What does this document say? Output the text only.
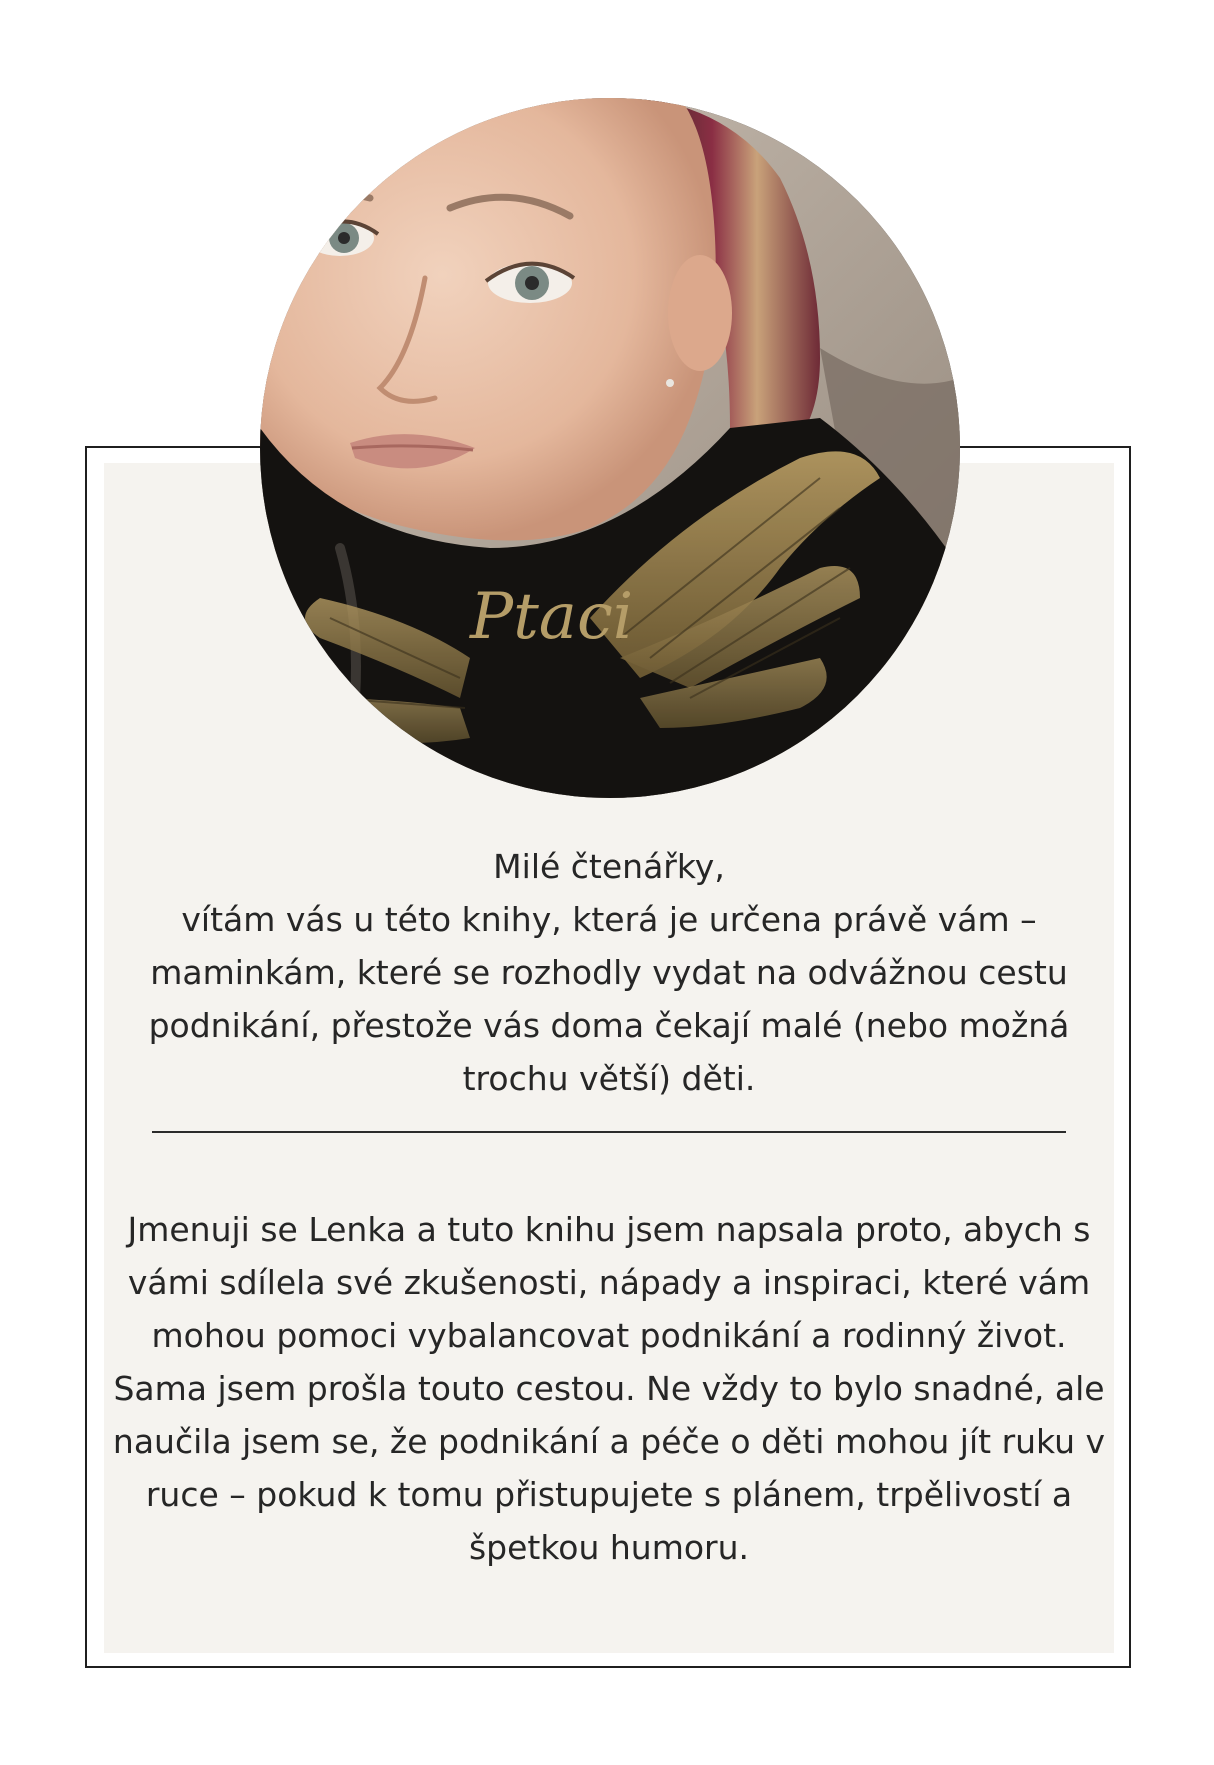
Ptaci

Milé čtenářky,

vítám vás u této knihy, která je určena právě vám – maminkám, které se rozhodly vydat na odvážnou cestu podnikání, přestože vás doma čekají malé (nebo možná trochu větší) děti.

Jmenuji se Lenka a tuto knihu jsem napsala proto, abych s vámi sdílela své zkušenosti, nápady a inspiraci, které vám mohou pomoci vybalancovat podnikání a rodinný život. Sama jsem prošla touto cestou. Ne vždy to bylo snadné, ale naučila jsem se, že podnikání a péče o děti mohou jít ruku v ruce – pokud k tomu přistupujete s plánem, trpělivostí a špetkou humoru.
